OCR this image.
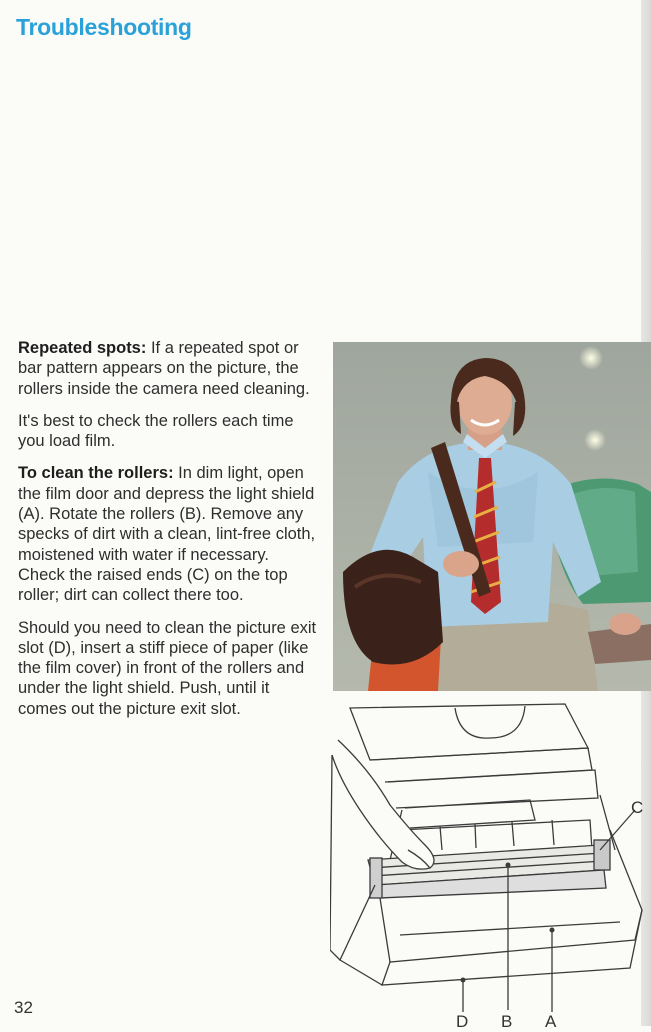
Troubleshooting

Repeated spots: If a repeated spot or bar pattern appears on the picture, the rollers inside the camera need cleaning.

It's best to check the rollers each time you load film.

To clean the rollers: In dim light, open the film door and depress the light shield (A). Rotate the rollers (B). Remove any specks of dirt with a clean, lint-free cloth, moistened with water if necessary. Check the raised ends (C) on the top roller; dirt can collect there too.

Should you need to clean the picture exit slot (D), insert a stiff piece of paper (like the film cover) in front of the rollers and under the light shield. Push, until it comes out the picture exit slot.

C
D B A
32
